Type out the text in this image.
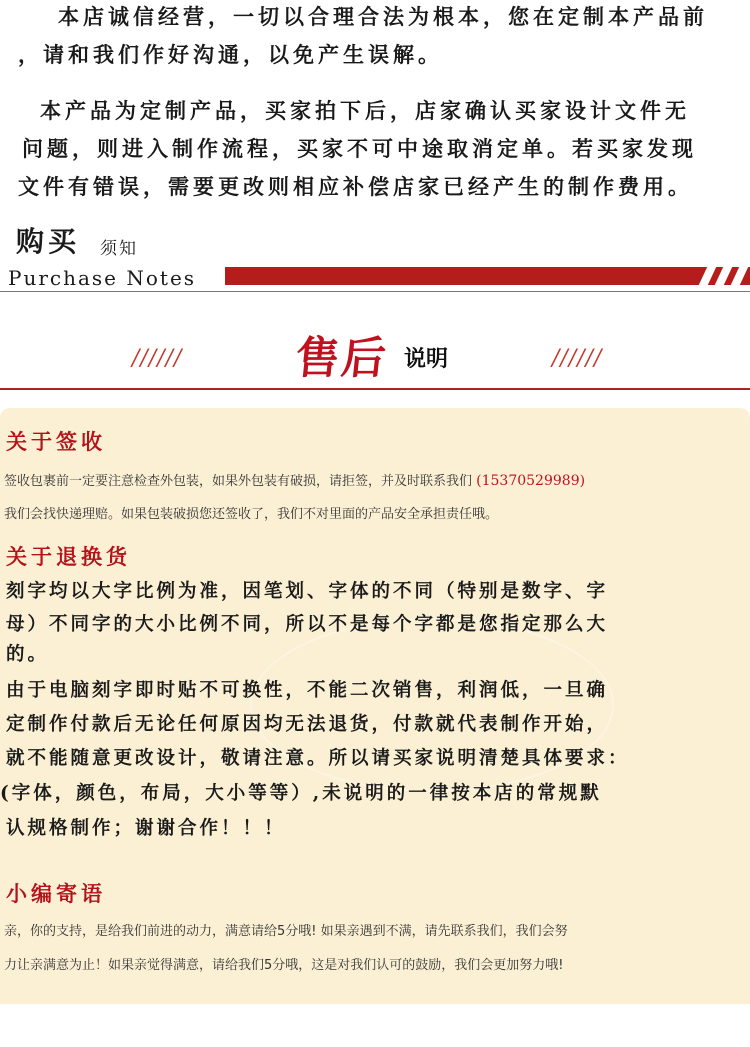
本店诚信经营，一切以合理合法为根本，您在定制本产品前
，请和我们作好沟通，以免产生误解。
本产品为定制产品，买家拍下后，店家确认买家设计文件无
问题，则进入制作流程，买家不可中途取消定单。若买家发现
文件有错误，需要更改则相应补偿店家已经产生的制作费用。
购买 须知
Purchase Notes
//////	售后 说明	//////
关于签收
签收包裹前一定要注意检查外包装，如果外包装有破损，请拒签，并及时联系我们 (15370529989)
我们会找快递理赔。如果包装破损您还签收了，我们不对里面的产品安全承担责任哦。
关于退换货
刻字均以大字比例为准，因笔划、字体的不同（特别是数字、字
母）不同字的大小比例不同，所以不是每个字都是您指定那么大
的。
由于电脑刻字即时贴不可换性，不能二次销售，利润低，一旦确
定制作付款后无论任何原因均无法退货，付款就代表制作开始，
就不能随意更改设计，敬请注意。所以请买家说明清楚具体要求：
(字体，颜色，布局，大小等等）,未说明的一律按本店的常规默
认规格制作；谢谢合作！！！
小编寄语
亲，你的支持，是给我们前进的动力，满意请给5分哦! 如果亲遇到不满，请先联系我们，我们会努
力让亲满意为止！如果亲觉得满意，请给我们5分哦，这是对我们认可的鼓励，我们会更加努力哦!
